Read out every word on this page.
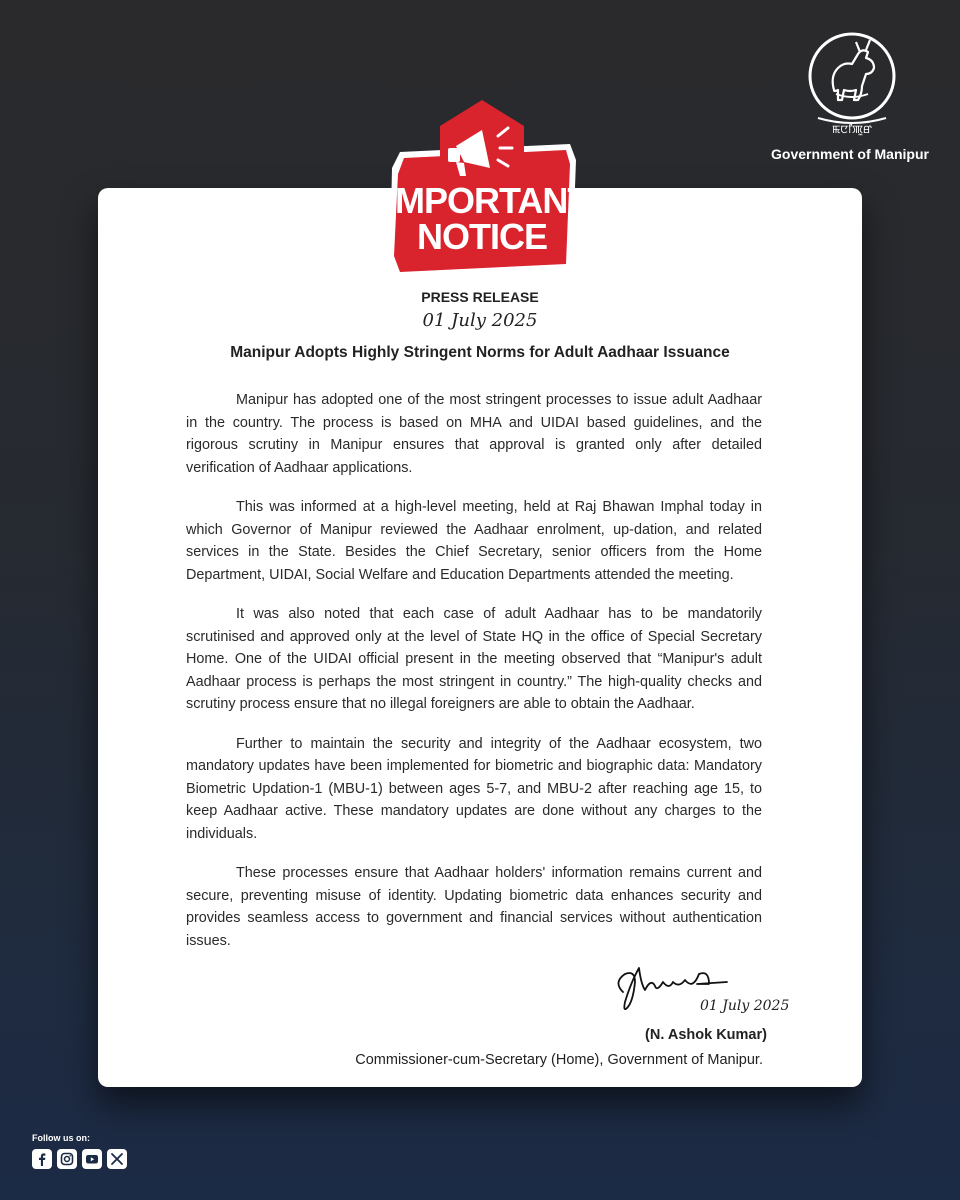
ꯃꯅꯤꯄꯨꯔ
Government of Manipur
IMPORTANT
NOTICE
PRESS RELEASE
01 July 2025
Manipur Adopts Highly Stringent Norms for Adult Aadhaar Issuance

Manipur has adopted one of the most stringent processes to issue adult Aadhaar in the country. The process is based on MHA and UIDAI based guidelines, and the rigorous scrutiny in Manipur ensures that approval is granted only after detailed verification of Aadhaar applications.

This was informed at a high-level meeting, held at Raj Bhawan Imphal today in which Governor of Manipur reviewed the Aadhaar enrolment, up-dation, and related services in the State. Besides the Chief Secretary, senior officers from the Home Department, UIDAI, Social Welfare and Education Departments attended the meeting.

It was also noted that each case of adult Aadhaar has to be mandatorily scrutinised and approved only at the level of State HQ in the office of Special Secretary Home. One of the UIDAI official present in the meeting observed that “Manipur's adult Aadhaar process is perhaps the most stringent in country.” The high-quality checks and scrutiny process ensure that no illegal foreigners are able to obtain the Aadhaar.

Further to maintain the security and integrity of the Aadhaar ecosystem, two mandatory updates have been implemented for biometric and biographic data: Mandatory Biometric Updation-1 (MBU-1) between ages 5-7, and MBU-2 after reaching age 15, to keep Aadhaar active. These mandatory updates are done without any charges to the individuals.

These processes ensure that Aadhaar holders' information remains current and secure, preventing misuse of identity. Updating biometric data enhances security and provides seamless access to government and financial services without authentication issues.

01 July 2025
(N. Ashok Kumar)
Commissioner-cum-Secretary (Home), Government of Manipur.
Follow us on:
